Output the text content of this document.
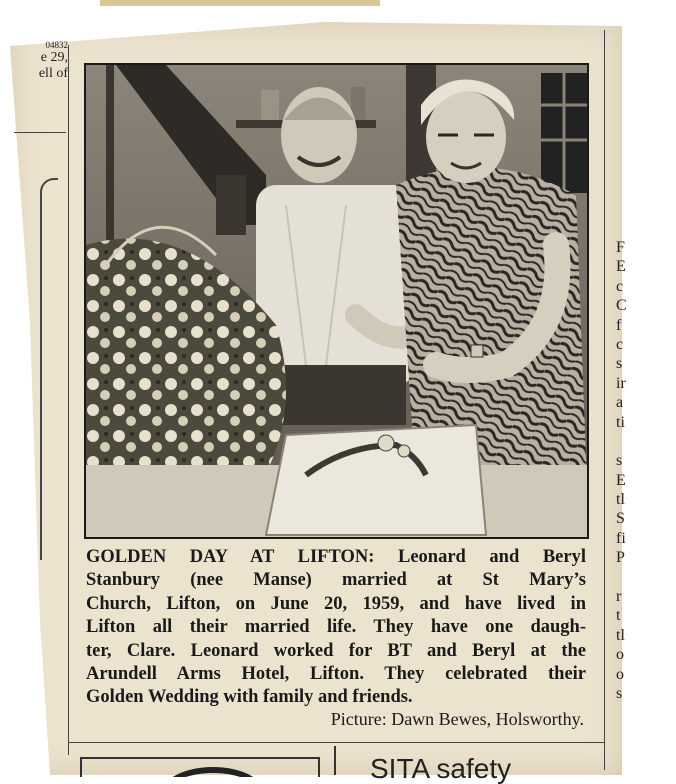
04832
e 29,
ell of
F
E
c
C
f
c
s
ir
a
ti
s
E
tl
S
fi
P
r
t
tl
o
o
s
GOLDEN DAY AT LIFTON: Leonard and Beryl
Stanbury (nee Manse) married at St Mary’s
Church, Lifton, on June 20, 1959, and have lived in
Lifton all their married life. They have one daugh-
ter, Clare. Leonard worked for BT and Beryl at the
Arundell Arms Hotel, Lifton. They celebrated their
Golden Wedding with family and friends.
Picture: Dawn Bewes, Holsworthy.
SITA safety
